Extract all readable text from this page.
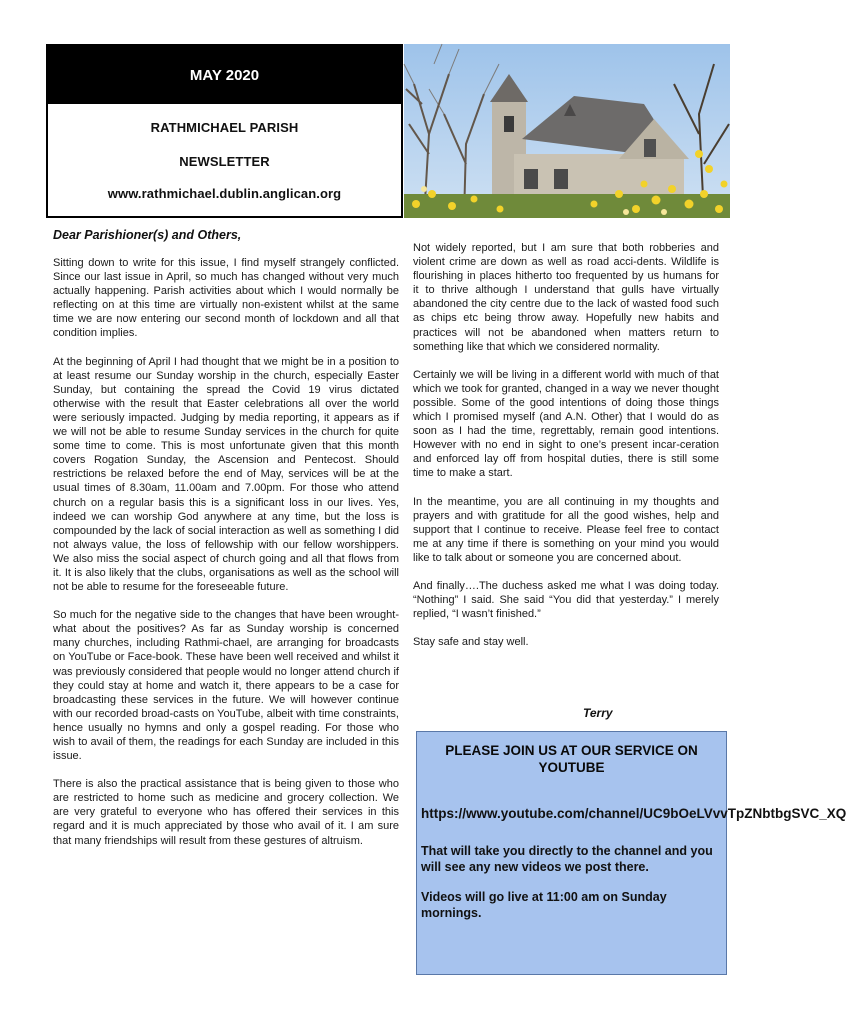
MAY 2020
RATHMICHAEL PARISH
NEWSLETTER
www.rathmichael.dublin.anglican.org
Dear Parishioner(s) and Others,

Sitting down to write for this issue, I find myself strangely conflicted. Since our last issue in April, so much has changed without very much actually happening. Parish activities about which I would normally be reflecting on at this time are virtually non-existent whilst at the same time we are now entering our second month of lockdown and all that condition implies.

At the beginning of April I had thought that we might be in a position to at least resume our Sunday worship in the church, especially Easter Sunday, but containing the spread the Covid 19 virus dictated otherwise with the result that Easter celebrations all over the world were seriously impacted. Judging by media reporting, it appears as if we will not be able to resume Sunday services in the church for quite some time to come. This is most unfortunate given that this month covers Rogation Sunday, the Ascension and Pentecost. Should restrictions be relaxed before the end of May, services will be at the usual times of 8.30am, 11.00am and 7.00pm. For those who attend church on a regular basis this is a significant loss in our lives. Yes, indeed we can worship God anywhere at any time, but the loss is compounded by the lack of social interaction as well as something I did not always value, the loss of fellowship with our fellow worshippers. We also miss the social aspect of church going and all that flows from it. It is also likely that the clubs, organisations as well as the school will not be able to resume for the foreseeable future.

So much for the negative side to the changes that have been wrought- what about the positives? As far as Sunday worship is concerned many churches, including Rathmi-chael, are arranging for broadcasts on YouTube or Face-book. These have been well received and whilst it was previously considered that people would no longer attend church if they could stay at home and watch it, there appears to be a case for broadcasting these services in the future. We will however continue with our recorded broad-casts on YouTube, albeit with time constraints, hence usually no hymns and only a gospel reading. For those who wish to avail of them, the readings for each Sunday are included in this issue.

There is also the practical assistance that is being given to those who are restricted to home such as medicine and grocery collection. We are very grateful to everyone who has offered their services in this regard and it is much appreciated by those who avail of it. I am sure that many friendships will result from these gestures of altruism.

Not widely reported, but I am sure that both robberies and violent crime are down as well as road acci-dents. Wildlife is flourishing in places hitherto too frequented by us humans for it to thrive although I understand that gulls have virtually abandoned the city centre due to the lack of wasted food such as chips etc being throw away. Hopefully new habits and practices will not be abandoned when matters return to something like that which we considered normality.

Certainly we will be living in a different world with much of that which we took for granted, changed in a way we never thought possible. Some of the good intentions of doing those things which I promised myself (and A.N. Other) that I would do as soon as I had the time, regrettably, remain good intentions. However with no end in sight to one’s present incar-ceration and enforced lay off from hospital duties, there is still some time to make a start.

In the meantime, you are all continuing in my thoughts and prayers and with gratitude for all the good wishes, help and support that I continue to receive. Please feel free to contact me at any time if there is something on your mind you would like to talk about or someone you are concerned about.

And finally….The duchess asked me what I was doing today. “Nothing” I said. She said “You did that yesterday.” I merely replied, “I wasn’t finished.”

Stay safe and stay well.

Terry
PLEASE JOIN US AT OUR SERVICE ON YOUTUBE
https://www.youtube.com/channel/UC9bOeLVvvTpZNbtbgSVC_XQ
That will take you directly to the channel and you will see any new videos we post there.
Videos will go live at 11:00 am on Sunday mornings.
